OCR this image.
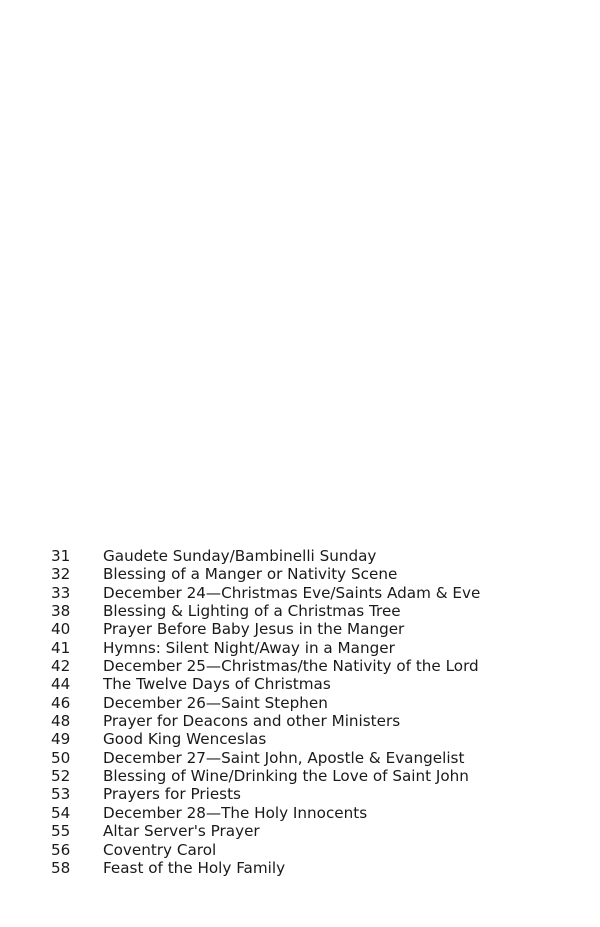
31	Gaudete Sunday/Bambinelli Sunday
32	Blessing of a Manger or Nativity Scene
33	December 24—Christmas Eve/Saints Adam & Eve
38	Blessing & Lighting of a Christmas Tree
40	Prayer Before Baby Jesus in the Manger
41	Hymns: Silent Night/Away in a Manger
42	December 25—Christmas/the Nativity of the Lord
44	The Twelve Days of Christmas
46	December 26—Saint Stephen
48	Prayer for Deacons and other Ministers
49	Good King Wenceslas
50	December 27—Saint John, Apostle & Evangelist
52	Blessing of Wine/Drinking the Love of Saint John
53	Prayers for Priests
54	December 28—The Holy Innocents
55	Altar Server's Prayer
56	Coventry Carol
58	Feast of the Holy Family
